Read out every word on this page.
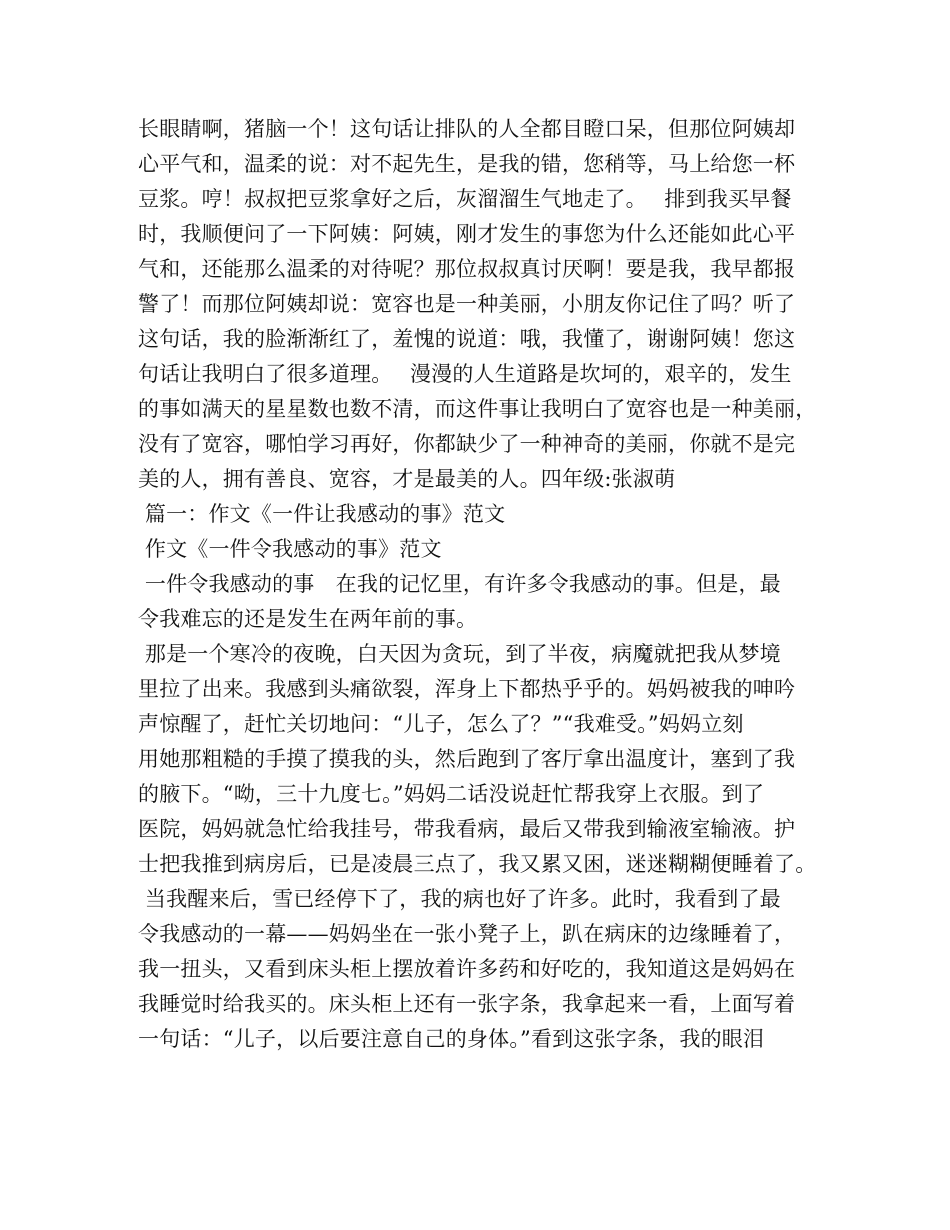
长眼睛啊，猪脑一个！这句话让排队的人全都目瞪口呆，但那位阿姨却
心平气和，温柔的说：对不起先生，是我的错，您稍等，马上给您一杯
豆浆。哼！叔叔把豆浆拿好之后，灰溜溜生气地走了。　 排到我买早餐
时，我顺便问了一下阿姨：阿姨，刚才发生的事您为什么还能如此心平
气和，还能那么温柔的对待呢？那位叔叔真讨厌啊！要是我，我早都报
警了！而那位阿姨却说：宽容也是一种美丽，小朋友你记住了吗？听了
这句话，我的脸渐渐红了，羞愧的说道：哦，我懂了，谢谢阿姨！您这
句话让我明白了很多道理。　 漫漫的人生道路是坎坷的，艰辛的，发生
的事如满天的星星数也数不清，而这件事让我明白了宽容也是一种美丽，
没有了宽容，哪怕学习再好，你都缺少了一种神奇的美丽，你就不是完
美的人，拥有善良、宽容，才是最美的人。四年级:张淑萌
篇一：作文《一件让我感动的事》范文
作文《一件令我感动的事》范文
一件令我感动的事　在我的记忆里，有许多令我感动的事。但是，最
令我难忘的还是发生在两年前的事。
那是一个寒冷的夜晚，白天因为贪玩，到了半夜，病魔就把我从梦境
里拉了出来。我感到头痛欲裂，浑身上下都热乎乎的。妈妈被我的呻吟
声惊醒了，赶忙关切地问：“儿子，怎么了？”“我难受。”妈妈立刻
用她那粗糙的手摸了摸我的头，然后跑到了客厅拿出温度计，塞到了我
的腋下。“呦，三十九度七。”妈妈二话没说赶忙帮我穿上衣服。到了
医院，妈妈就急忙给我挂号，带我看病，最后又带我到输液室输液。护
士把我推到病房后，已是凌晨三点了，我又累又困，迷迷糊糊便睡着了。
当我醒来后，雪已经停下了，我的病也好了许多。此时，我看到了最
令我感动的一幕——妈妈坐在一张小凳子上，趴在病床的边缘睡着了，
我一扭头，又看到床头柜上摆放着许多药和好吃的，我知道这是妈妈在
我睡觉时给我买的。床头柜上还有一张字条，我拿起来一看，上面写着
一句话：“儿子，以后要注意自己的身体。”看到这张字条，我的眼泪
